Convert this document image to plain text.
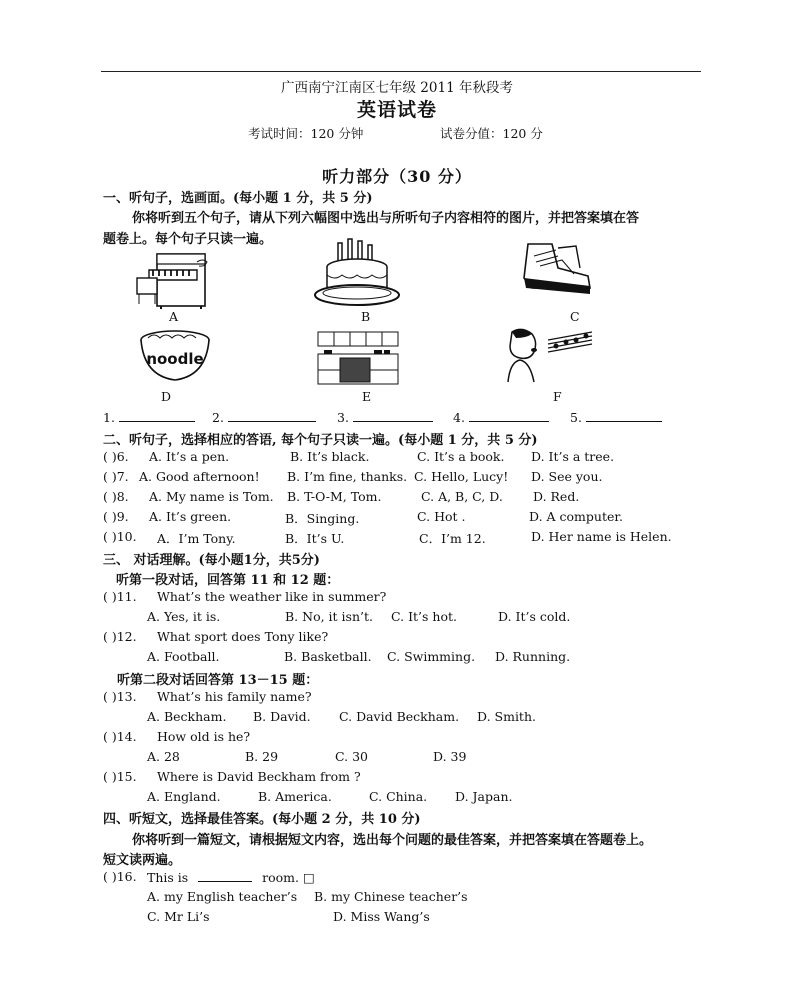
广西南宁江南区七年级 2011 年秋段考
英语试卷
考试时间：120 分钟	试卷分值：120 分
听力部分（30 分）
一、听句子，选画面。(每小题 1 分，共 5 分)
你将听到五个句子，请从下列六幅图中选出与所听句子内容相符的图片，并把答案填在答
题卷上。每个句子只读一遍。
A	B	C
noodle
D	E	F
1.	2.	3.	4.	5.
二、听句子，选择相应的答语, 每个句子只读一遍。(每小题 1 分，共 5 分)
( )6. A. It’s a pen.	B. It’s black.	C. It’s a book. D. It’s a tree.
( )7. A. Good afternoon! B. I’m fine, thanks. C. Hello, Lucy! D. See you.
( )8. A. My name is Tom. B. T-O-M, Tom.	C. A, B, C, D. D. Red.
( )9. A. It’s green.	B．Singing.	C. Hot .	D. A computer.
( )10. A．I’m Tony.	B．It’s U.	C．I’m 12.	D. Her name is Helen.
三、 对话理解。(每小题1分，共5分)
听第一段对话，回答第 11 和 12 题：
( )11. What’s the weather like in summer?
A. Yes, it is.	B. No, it isn’t. C. It’s hot.	D. It’s cold.
( )12. What sport does Tony like?
A. Football.	B. Basketball. C. Swimming. D. Running.
听第二段对话回答第 13－15 题：
( )13. What’s his family name?
A. Beckham. B. David. C. David Beckham. D. Smith.
( )14. How old is he?
A. 28	B. 29	C. 30	D. 39
( )15. Where is David Beckham from ?
A. England.	B. America.	C. China. D. Japan.
四、听短文，选择最佳答案。(每小题 2 分，共 10 分)
你将听到一篇短文，请根据短文内容，选出每个问题的最佳答案，并把答案填在答题卷上。
短文读两遍。
( )16. This is	room. □
A. my English teacher’s B. my Chinese teacher’s
C. Mr Li’s	D. Miss Wang’s
